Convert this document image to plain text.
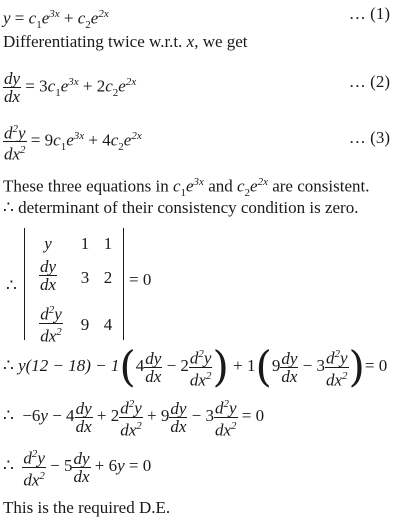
$y = c_1e^{3x} + c_2e^{2x}$	… (1)
Differentiating twice w.r.t. x, we get
$\frac{dy}{dx} = 3c_1e^{3x} + 2c_2e^{2x}$	… (2)
$\frac{d^2y}{dx^2} = 9c_1e^{3x} + 4c_2e^{2x}$	… (3)
These three equations in $c_1e^{3x}$ and $c_2e^{2x}$ are consistent.
∴ determinant of their consistency condition is zero.
∴
y	1 1
$\frac{dy}{dx} 3$ 2
$\frac{d^2y}{dx^2} 9$ 4
= 0
∴ $y(12 - 18) - 1(4 \frac{dy}{dx} - 2 \frac{d^2y}{dx^2}$ ) + $1(9 \frac{dy}{dx} - 3 \frac{d^2y}{dx^2}$ )= 0
∴  $-6y - 4 \frac{dy}{dx} + 2 \frac{d^2y}{dx^2} + 9 \frac{dy}{dx} - 3 \frac{d^2y}{dx^2} = 0$
∴ $\frac{d^2y}{dx^2} - 5 \frac{dy}{dx} + 6y = 0$
This is the required D.E.
